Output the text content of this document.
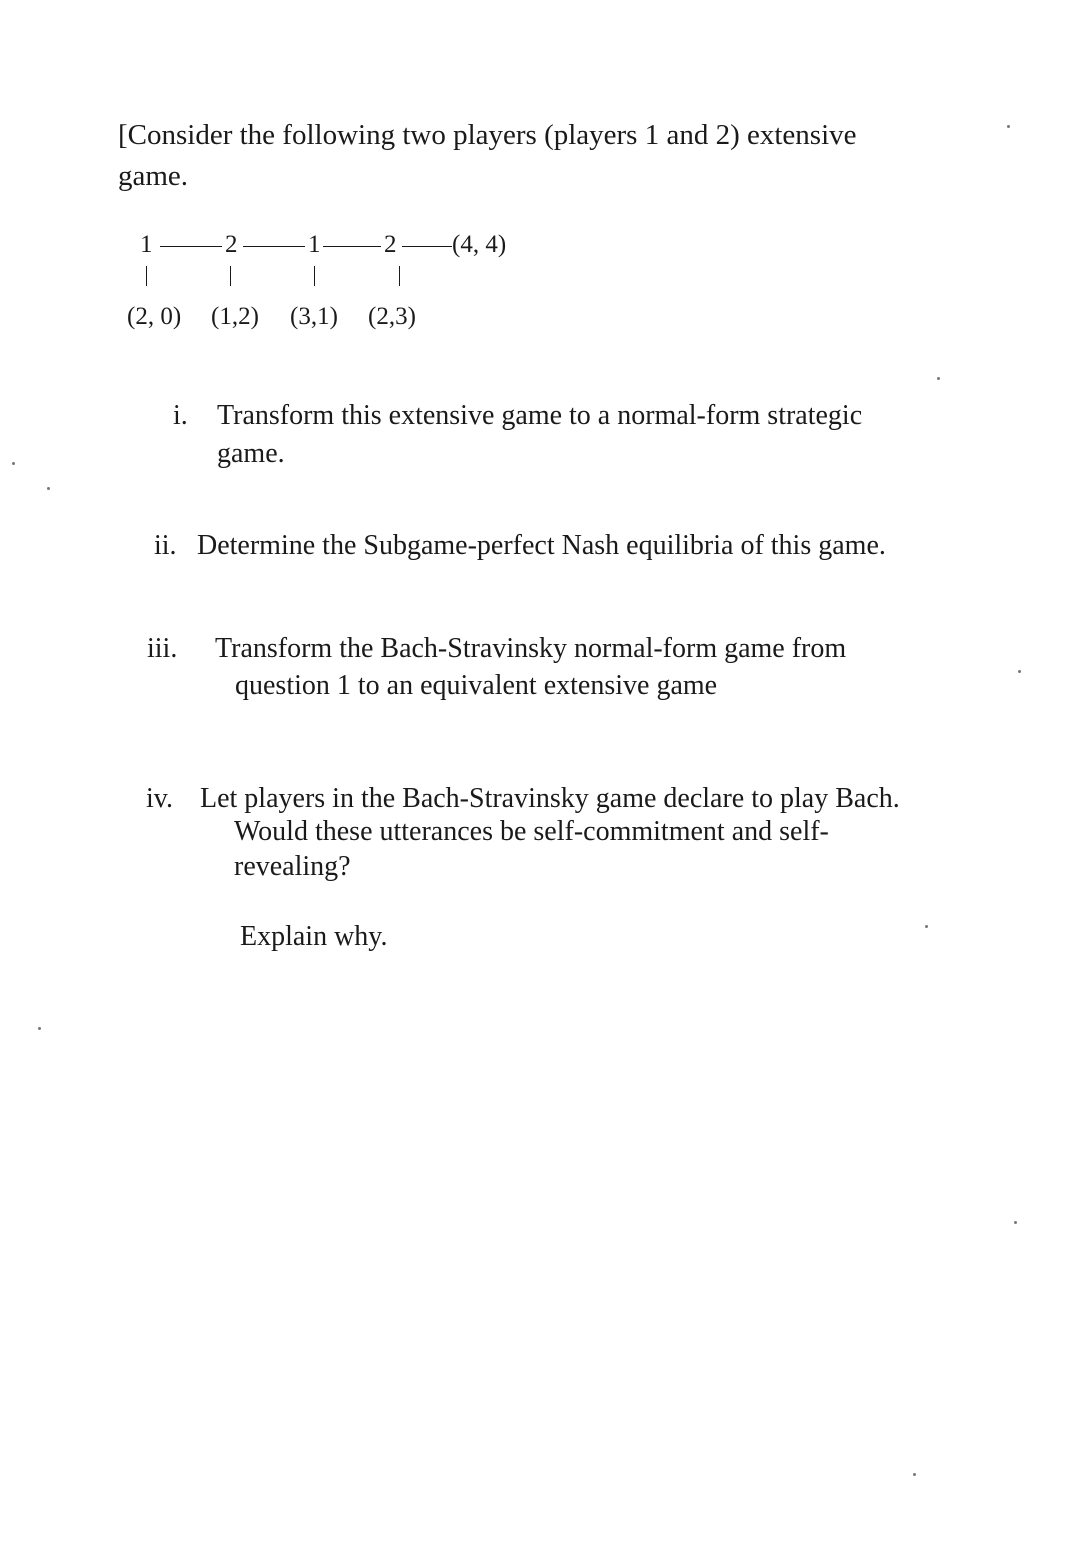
[Consider the following two players (players 1 and 2) extensive

game.

1	2	1	2 (4, 4)
(2, 0) (1,2) (3,1) (2,3)
i. Transform this extensive game to a normal-form strategic
game.
ii. Determine the Subgame-perfect Nash equilibria of this game.
iii. Transform the Bach-Stravinsky normal-form game from
question 1 to an equivalent extensive game
iv. Let players in the Bach-Stravinsky game declare to play Bach.
Would these utterances be self-commitment and self-
revealing?
Explain why.
